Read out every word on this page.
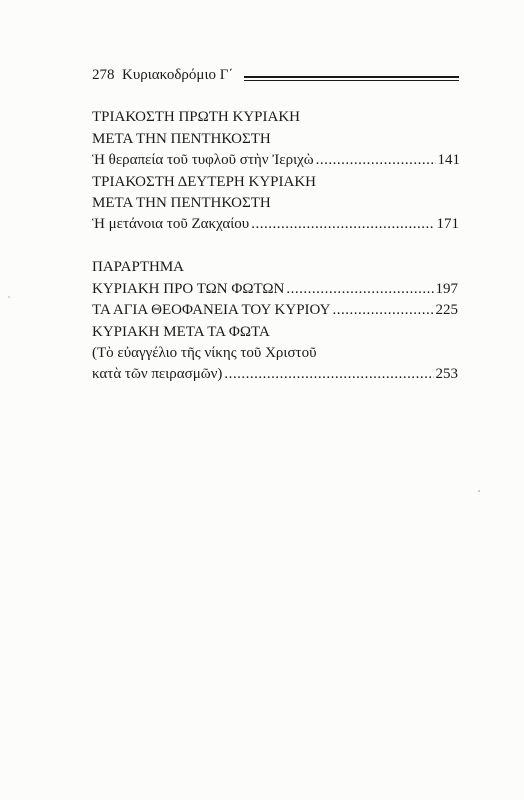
278 Κυριακοδρόμιο Γ΄
ΤΡΙΑΚΟΣΤΗ ΠΡΩΤΗ ΚΥΡΙΑΚΗ
ΜΕΤΑ ΤΗΝ ΠΕΝΤΗΚΟΣΤΗ
Ἡ θεραπεία τοῦ τυφλοῦ στὴν Ἰεριχὼ .....	141
ΤΡΙΑΚΟΣΤΗ ΔΕΥΤΕΡΗ ΚΥΡΙΑΚΗ
ΜΕΤΑ ΤΗΝ ΠΕΝΤΗΚΟΣΤΗ
Ἡ μετάνοια τοῦ Ζακχαίου .....	171
ΠΑΡΑΡΤΗΜΑ
ΚΥΡΙΑΚΗ ΠΡΟ ΤΩΝ ΦΩΤΩΝ .....	197
ΤΑ ΑΓΙΑ ΘΕΟΦΑΝΕΙΑ ΤΟΥ ΚΥΡΙΟΥ .....	225
ΚΥΡΙΑΚΗ ΜΕΤΑ ΤΑ ΦΩΤΑ
(Τὸ εὐαγγέλιο τῆς νίκης τοῦ Χριστοῦ
κατὰ τῶν πειρασμῶν) .....	253
